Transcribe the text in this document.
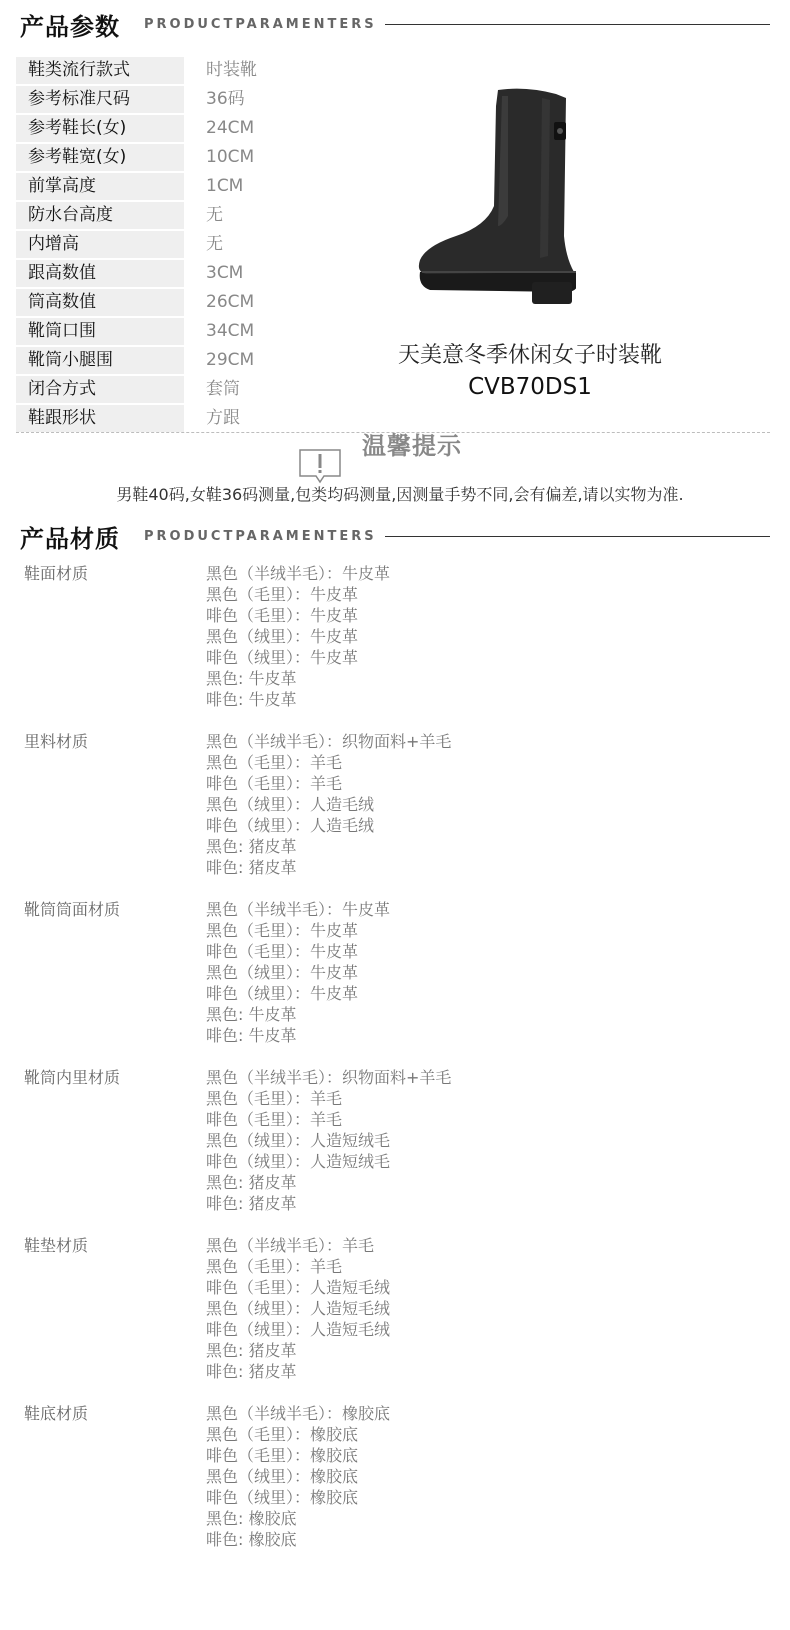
产品参数 PRODUCTPARAMENTERS
鞋类流行款式	时装靴
参考标准尺码	36码
参考鞋长(女)	24CM
参考鞋宽(女)	10CM
前掌高度	1CM
防水台高度	无
内增高	无
跟高数值	3CM
筒高数值	26CM
靴筒口围	34CM
靴筒小腿围	29CM
闭合方式	套筒
鞋跟形状	方跟
天美意冬季休闲女子时装靴
CVB70DS1
温馨提示
男鞋40码,女鞋36码测量,包类均码测量,因测量手势不同,会有偏差,请以实物为准.
产品材质 PRODUCTPARAMENTERS
鞋面材质	黑色（半绒半毛）：牛皮革
黑色（毛里）：牛皮革
啡色（毛里）：牛皮革
黑色（绒里）：牛皮革
啡色（绒里）：牛皮革
黑色: 牛皮革
啡色: 牛皮革
里料材质	黑色（半绒半毛）：织物面料+羊毛
黑色（毛里）：羊毛
啡色（毛里）：羊毛
黑色（绒里）：人造毛绒
啡色（绒里）：人造毛绒
黑色: 猪皮革
啡色: 猪皮革
靴筒筒面材质	黑色（半绒半毛）：牛皮革
黑色（毛里）：牛皮革
啡色（毛里）：牛皮革
黑色（绒里）：牛皮革
啡色（绒里）：牛皮革
黑色: 牛皮革
啡色: 牛皮革
靴筒内里材质	黑色（半绒半毛）：织物面料+羊毛
黑色（毛里）：羊毛
啡色（毛里）：羊毛
黑色（绒里）：人造短绒毛
啡色（绒里）：人造短绒毛
黑色: 猪皮革
啡色: 猪皮革
鞋垫材质	黑色（半绒半毛）：羊毛
黑色（毛里）：羊毛
啡色（毛里）：人造短毛绒
黑色（绒里）：人造短毛绒
啡色（绒里）：人造短毛绒
黑色: 猪皮革
啡色: 猪皮革
鞋底材质	黑色（半绒半毛）：橡胶底
黑色（毛里）：橡胶底
啡色（毛里）：橡胶底
黑色（绒里）：橡胶底
啡色（绒里）：橡胶底
黑色: 橡胶底
啡色: 橡胶底
